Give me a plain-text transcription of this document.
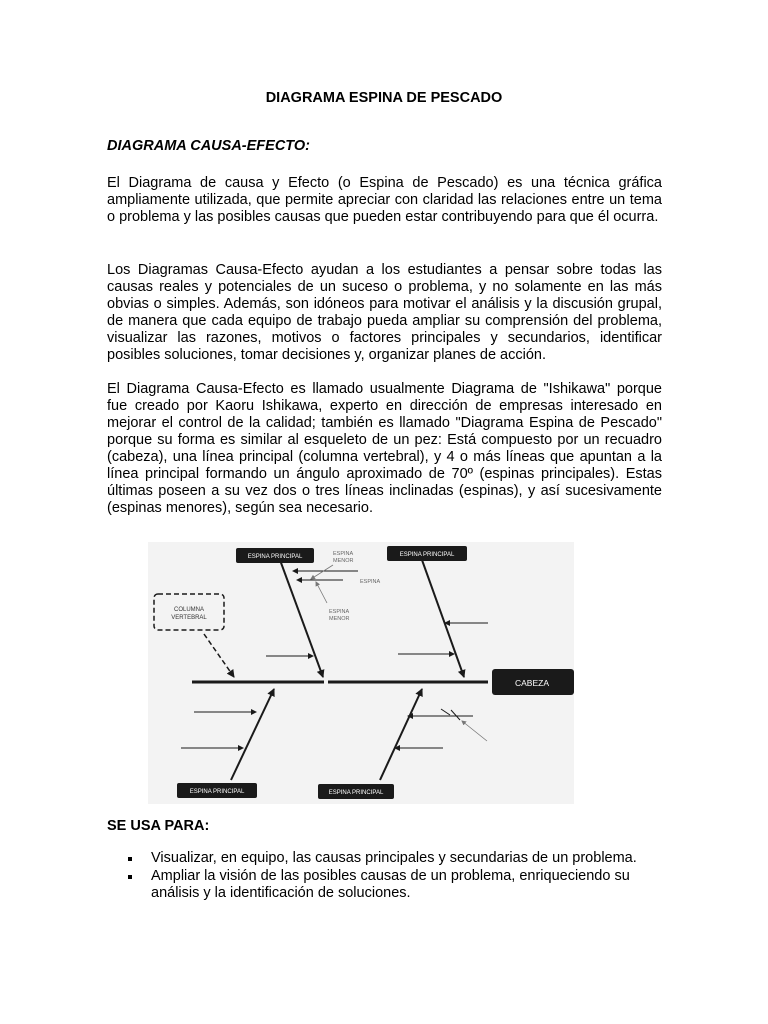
DIAGRAMA ESPINA DE PESCADO
DIAGRAMA CAUSA-EFECTO:

El Diagrama de causa y Efecto (o Espina de Pescado) es una técnica gráfica ampliamente utilizada, que permite apreciar con claridad las relaciones entre un tema o problema y las posibles causas que pueden estar contribuyendo para que él ocurra.

Los Diagramas Causa-Efecto ayudan a los estudiantes a pensar sobre todas las causas reales y potenciales de un suceso o problema, y no solamente en las más obvias o simples. Además, son idóneos para motivar el análisis y la discusión grupal, de manera que cada equipo de trabajo pueda ampliar su comprensión del problema, visualizar las razones, motivos o factores principales y secundarios, identificar posibles soluciones, tomar decisiones y, organizar planes de acción.

El Diagrama Causa-Efecto es llamado usualmente Diagrama de "Ishikawa" porque fue creado por Kaoru Ishikawa, experto en dirección de empresas interesado en mejorar el control de la calidad; también es llamado "Diagrama Espina de Pescado" porque su forma es similar al esqueleto de un pez: Está compuesto por un recuadro (cabeza), una línea principal (columna vertebral), y 4 o más líneas que apuntan a la línea principal formando un ángulo aproximado de 70º (espinas principales). Estas últimas poseen a su vez dos o tres líneas inclinadas (espinas), y así sucesivamente (espinas menores), según sea necesario.

CABEZA
COLUMNA
VERTEBRAL
ESPINA PRINCIPAL	ESPINA PRINCIPAL
ESPINA PRINCIPAL	ESPINA PRINCIPAL
ESPINA
MENOR
ESPINA
ESPINA
MENOR
SE USA PARA:
Visualizar, en equipo, las causas principales y secundarias de un problema.
Ampliar la visión de las posibles causas de un problema, enriqueciendo su análisis y la identificación de soluciones.
